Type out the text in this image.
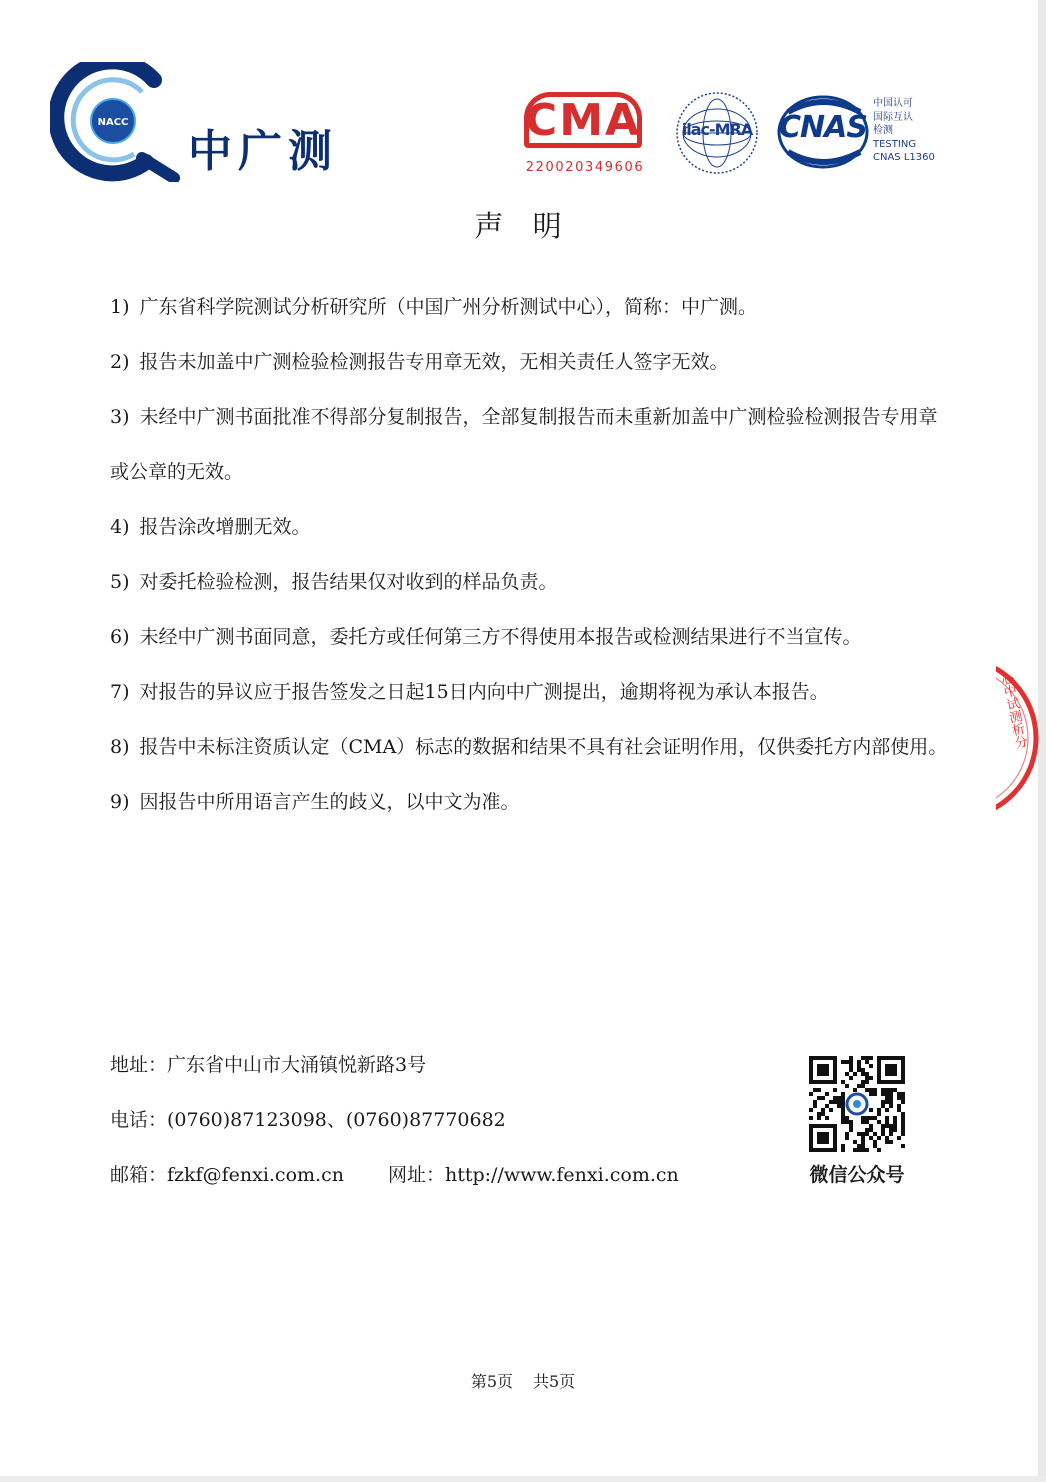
NACC
中广测
CMA
220020349606
ilac-MRA CNAS
中国认可
国际互认
检测
TESTING
CNAS L1360
声 明
1) 广东省科学院测试分析研究所（中国广州分析测试中心），简称：中广测。
2) 报告未加盖中广测检验检测报告专用章无效，无相关责任人签字无效。
3) 未经中广测书面批准不得部分复制报告，全部复制报告而未重新加盖中广测检验检测报告专用章或公章的无效。
4) 报告涂改增删无效。
5) 对委托检验检测，报告结果仅对收到的样品负责。
6) 未经中广测书面同意，委托方或任何第三方不得使用本报告或检测结果进行不当宣传。
7) 对报告的异议应于报告签发之日起15日内向中广测提出，逾期将视为承认本报告。
8) 报告中未标注资质认定（CMA）标志的数据和结果不具有社会证明作用，仅供委托方内部使用。
9) 因报告中所用语言产生的歧义，以中文为准。
地址：广东省中山市大涌镇悦新路3号
电话：(0760)87123098、(0760)87770682
邮箱：fzkf@fenxi.com.cn 网址：http://www.fenxi.com.cn	微信公众号
第5页 共5页
心中试测析分
